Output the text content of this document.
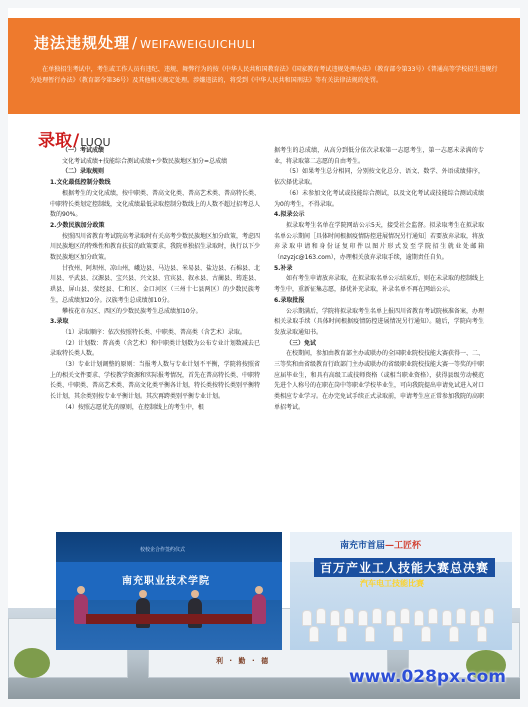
违法违规处理 / WEIFAWEIGUICHULI
在单独招生考试中，考生或工作人员有违纪、违规、舞弊行为的按《中华人民共和国教育法》《国家教育考试违规处理办法》（教育部令第33号）《普通高等学校招生违规行为处理暂行办法》（教育部令第36号）及其他相关规定处理。涉嫌违法的，将受到《中华人民共和国刑法》等有关法律法规的处罚。
录取/LUQU

（一）考试成绩

文化考试成绩+技能综合测试成绩+少数民族地区加分=总成绩

（二）录取规则

1.文化最低控制分数线

根据考生的文化成绩，按中职类、普高文化类、普高艺术类、普高特长类、中职特长类划定控制线，文化成绩最低录取控制分数线上的人数不超过招考总人数的90%。

2.少数民族加分政策

按照四川省教育考试院高考录取时有关高考少数民族地区加分政策，考虑四川民族地区的特殊性和教育扶贫的政策要求，我院单独招生录取时，执行以下少数民族地区加分政策。

甘孜州、阿坝州、凉山州，峨边县、马边县、米易县、盐边县、石棉县、北川县、平武县、汉源县、宝兴县、兴文县、宜宾县、叙永县、古蔺县、筠连县、珙县、屏山县、荥经县、仁和区、金口河区（三州十七县两区）的少数民族考生，总成绩加20分。汉族考生总成绩加10分。

攀枝花市东区、西区的少数民族考生总成绩加10分。

3.录取

（1）录取顺序：依次按照特长类、中职类、普高类（含艺术）录取。

（2）计划数：普高类（含艺术）和中职类计划数为公布专业计划数减去已录取特长类人数。

（3）专业计划调整的原则：当报考人数与专业计划不平衡，学院将按照省上的相关文件要求、学校教学资源和实际报考情况，首先在普高特长类、中职特长类、中职类、普高艺术类、普高文化类平衡各计划，特长类按特长类别平衡特长计划，其余类别按专业平衡计划。其次再跨类别平衡专业计划。

（4）按照志愿优先的原则，在控制线上的考生中，根

据考生的总成绩，从高分到低分依次录取第一志愿考生，第一志愿未录满的专业，将录取第二志愿的自由考生。

（5）如果考生总分相同，分别按文化总分、语文、数学、外语成绩排序，依次择优录取。

（6）未参加文化考试或技能综合测试，以及文化考试或技能综合测试成绩为0的考生，不得录取。

4.拟录公示

拟录取考生名单在学院网站公示5天，接受社会监督。拟录取考生在拟录取名单公示期间［具体时间根据疫情防控进展情况另行通知］若要放弃录取，将放弃录取申请和身份证复印件以图片形式发至学院招生就业处邮箱（nzyzjc@163.com），办理相关放弃录取手续，逾期责任自负。

5.补录

如有考生申请放弃录取，在拟录取名单公示结束后，则在未录取的控制线上考生中，重新征集志愿，择优补充录取，补录名单不再在网站公示。

6.录取批报

公示期满后，学院将拟录取考生名单上报四川省教育考试院核准备案，办理相关录取手续（具体时间根据疫情防控进展情况另行通知）。随后，学院向考生发放录取通知书。

（三）免试

在校期间，参加由教育部主办或联办的全国职业院校技能大赛获得一、二、三等奖和由省级教育行政部门主办或联办的省级职业院校技能大赛一等奖的中职应届毕业生，和具有高级工或技师资格（或相当职业资格），获得县级劳动模范先进个人称号的在职在岗中等职业学校毕业生，可向我院提出申请免试进入对口类相应专业学习。在办完免试手续正式录取前，申请考生应正常参加我院的高职单招考试。

校校企合作签约仪式
南充职业技术学院
南充市首届—工匠杯
百万产业工人技能大赛总决赛
汽车电工技能比赛
利 · 勤 · 德
www.028px.com
